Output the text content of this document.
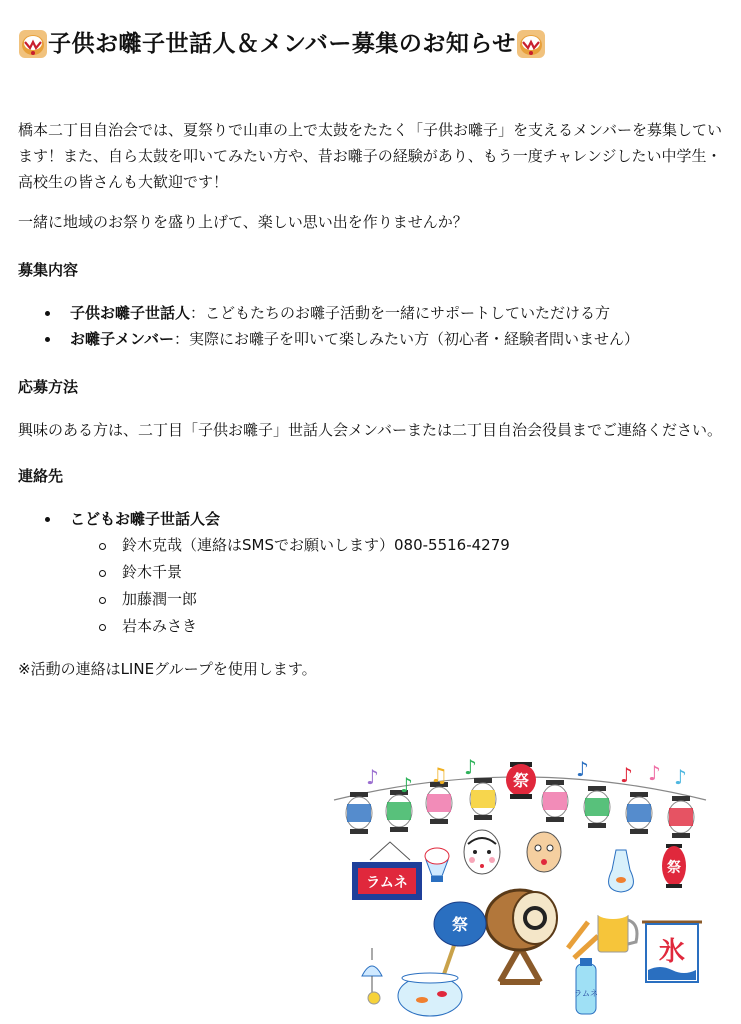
子供お囃子世話人＆メンバー募集のお知らせ

橋本二丁目自治会では、夏祭りで山車の上で太鼓をたたく「子供お囃子」を支えるメンバーを募集しています！また、自ら太鼓を叩いてみたい方や、昔お囃子の経験があり、もう一度チャレンジしたい中学生・高校生の皆さんも大歓迎です！

一緒に地域のお祭りを盛り上げて、楽しい思い出を作りませんか？

募集内容
子供お囃子世話人：こどもたちのお囃子活動を一緒にサポートしていただける方
お囃子メンバー：実際にお囃子を叩いて楽しみたい方（初心者・経験者問いません）
応募方法

興味のある方は、二丁目「子供お囃子」世話人会メンバーまたは二丁目自治会役員までご連絡ください。

連絡先
こどもお囃子世話人会
鈴木克哉（連絡はSMSでお願いします）080-5516-4279
鈴木千景
加藤潤一郎
岩本みさき

※活動の連絡はLINEグループを使用します。

祭
♪ ♪ ♫ ♪	♪ ♪ ♪ ♪
祭
ラムネ
祭
氷
ラムネ
